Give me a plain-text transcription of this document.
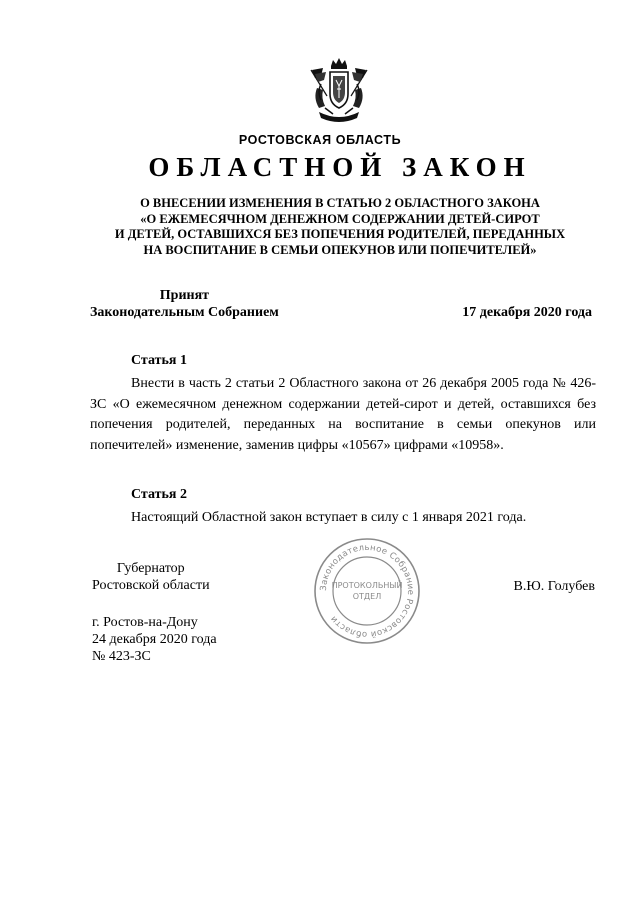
РОСТОВСКАЯ ОБЛАСТЬ
ОБЛАСТНОЙ ЗАКОН
О ВНЕСЕНИИ ИЗМЕНЕНИЯ В СТАТЬЮ 2 ОБЛАСТНОГО ЗАКОНА
«О ЕЖЕМЕСЯЧНОМ ДЕНЕЖНОМ СОДЕРЖАНИИ ДЕТЕЙ-СИРОТ
И ДЕТЕЙ, ОСТАВШИХСЯ БЕЗ ПОПЕЧЕНИЯ РОДИТЕЛЕЙ, ПЕРЕДАННЫХ
НА ВОСПИТАНИЕ В СЕМЬИ ОПЕКУНОВ ИЛИ ПОПЕЧИТЕЛЕЙ»
Принят
Законодательным Собранием	17 декабря 2020 года
Статья 1
Внести в часть 2 статьи 2 Областного закона от 26 декабря 2005 года № 426-ЗС «О ежемесячном денежном содержании детей-сирот и детей, оставшихся без попечения родителей, переданных на воспитание в семьи опекунов или попечителей» изменение, заменив цифры «10567» цифрами «10958».
Статья 2
Настоящий Областной закон вступает в силу с 1 января 2021 года.
Губернатор
Ростовской области	Законодательное Собрание Ростовской области
ПРОТОКОЛЬНЫЙ
ОТДЕЛ
В.Ю. Голубев
г. Ростов-на-Дону
24 декабря 2020 года
№ 423-ЗС
